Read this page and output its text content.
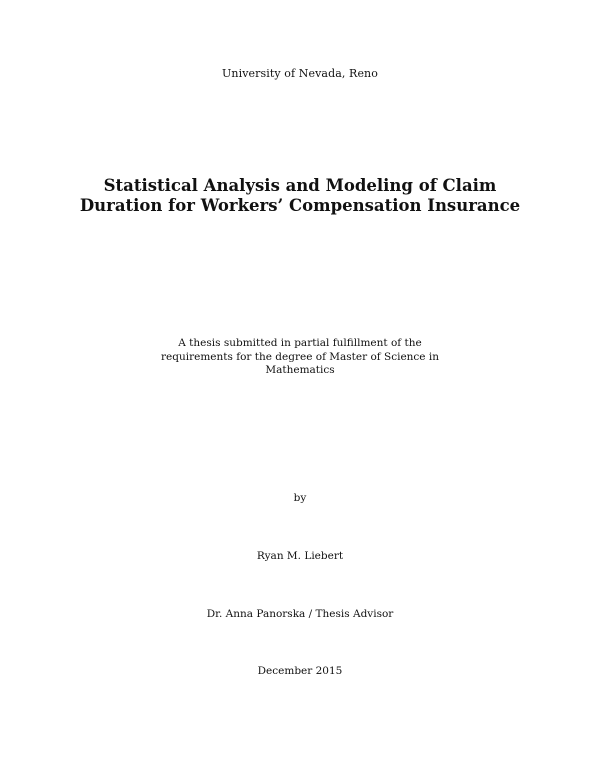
University of Nevada, Reno
Statistical Analysis and Modeling of Claim
Duration for Workers’ Compensation Insurance
A thesis submitted in partial fulfillment of the
requirements for the degree of Master of Science in
Mathematics
by
Ryan M. Liebert
Dr. Anna Panorska / Thesis Advisor
December 2015
